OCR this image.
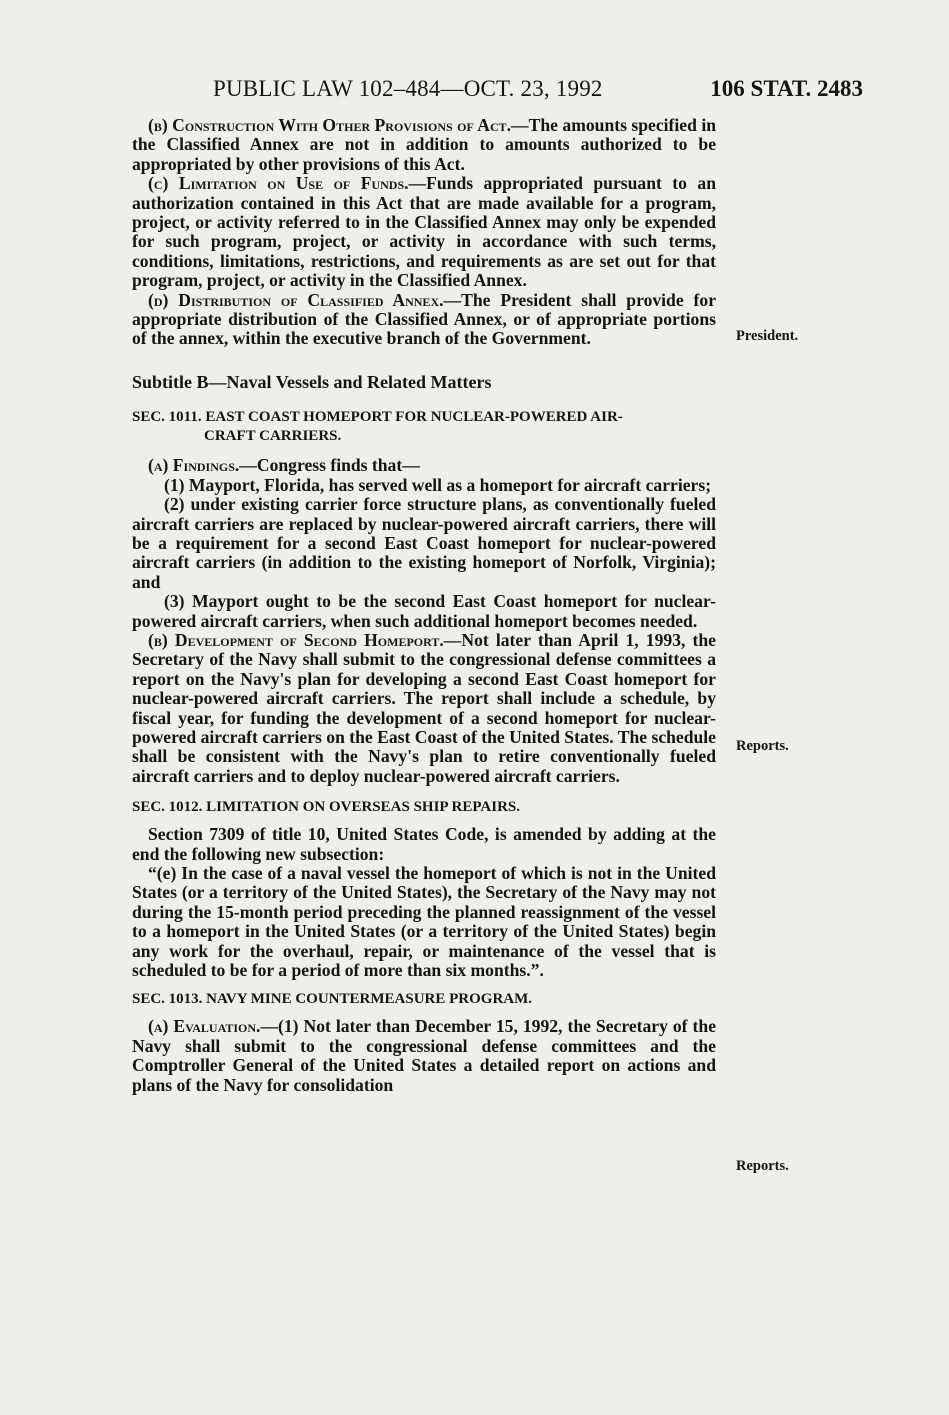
PUBLIC LAW 102–484—OCT. 23, 1992	106 STAT. 2483
President.
Reports.
Reports.

(b) Construction With Other Provisions of Act.—The amounts specified in the Classified Annex are not in addition to amounts authorized to be appropriated by other provisions of this Act.

(c) Limitation on Use of Funds.—Funds appropriated pursuant to an authorization contained in this Act that are made available for a program, project, or activity referred to in the Classified Annex may only be expended for such program, project, or activity in accordance with such terms, conditions, limitations, restrictions, and requirements as are set out for that program, project, or activity in the Classified Annex.

(d) Distribution of Classified Annex.—The President shall provide for appropriate distribution of the Classified Annex, or of appropriate portions of the annex, within the executive branch of the Government.

Subtitle B—Naval Vessels and Related Matters

SEC. 1011. EAST COAST HOMEPORT FOR NUCLEAR-POWERED AIR-
CRAFT CARRIERS.

(a) Findings.—Congress finds that—

(1) Mayport, Florida, has served well as a homeport for aircraft carriers;

(2) under existing carrier force structure plans, as conventionally fueled aircraft carriers are replaced by nuclear-powered aircraft carriers, there will be a requirement for a second East Coast homeport for nuclear-powered aircraft carriers (in addition to the existing homeport of Norfolk, Virginia); and

(3) Mayport ought to be the second East Coast homeport for nuclear-powered aircraft carriers, when such additional homeport becomes needed.

(b) Development of Second Homeport.—Not later than April 1, 1993, the Secretary of the Navy shall submit to the congressional defense committees a report on the Navy's plan for developing a second East Coast homeport for nuclear-powered aircraft carriers. The report shall include a schedule, by fiscal year, for funding the development of a second homeport for nuclear-powered aircraft carriers on the East Coast of the United States. The schedule shall be consistent with the Navy's plan to retire conventionally fueled aircraft carriers and to deploy nuclear-powered aircraft carriers.

SEC. 1012. LIMITATION ON OVERSEAS SHIP REPAIRS.

Section 7309 of title 10, United States Code, is amended by adding at the end the following new subsection:

“(e) In the case of a naval vessel the homeport of which is not in the United States (or a territory of the United States), the Secretary of the Navy may not during the 15-month period preceding the planned reassignment of the vessel to a homeport in the United States (or a territory of the United States) begin any work for the overhaul, repair, or maintenance of the vessel that is scheduled to be for a period of more than six months.”.

SEC. 1013. NAVY MINE COUNTERMEASURE PROGRAM.

(a) Evaluation.—(1) Not later than December 15, 1992, the Secretary of the Navy shall submit to the congressional defense committees and the Comptroller General of the United States a detailed report on actions and plans of the Navy for consolidation
